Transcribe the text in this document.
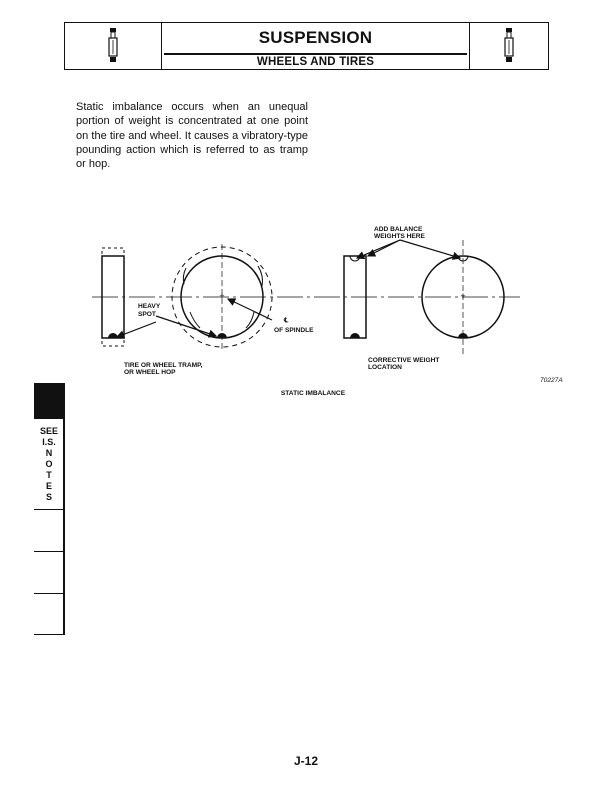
SUSPENSION
WHEELS AND TIRES

Static imbalance occurs when an unequal portion of weight is concentrated at one point on the tire and wheel. It causes a vibratory-type pounding action which is referred to as tramp or hop.

+	+
HEAVY
SPOT
℄
OF SPINDLE
TIRE OR WHEEL TRAMP,
OR WHEEL HOP
ADD BALANCE
WEIGHTS HERE
CORRECTIVE WEIGHT
LOCATION
70227A
STATIC IMBALANCE
SEE
I.S.
N
O
T
E
S
J-12
